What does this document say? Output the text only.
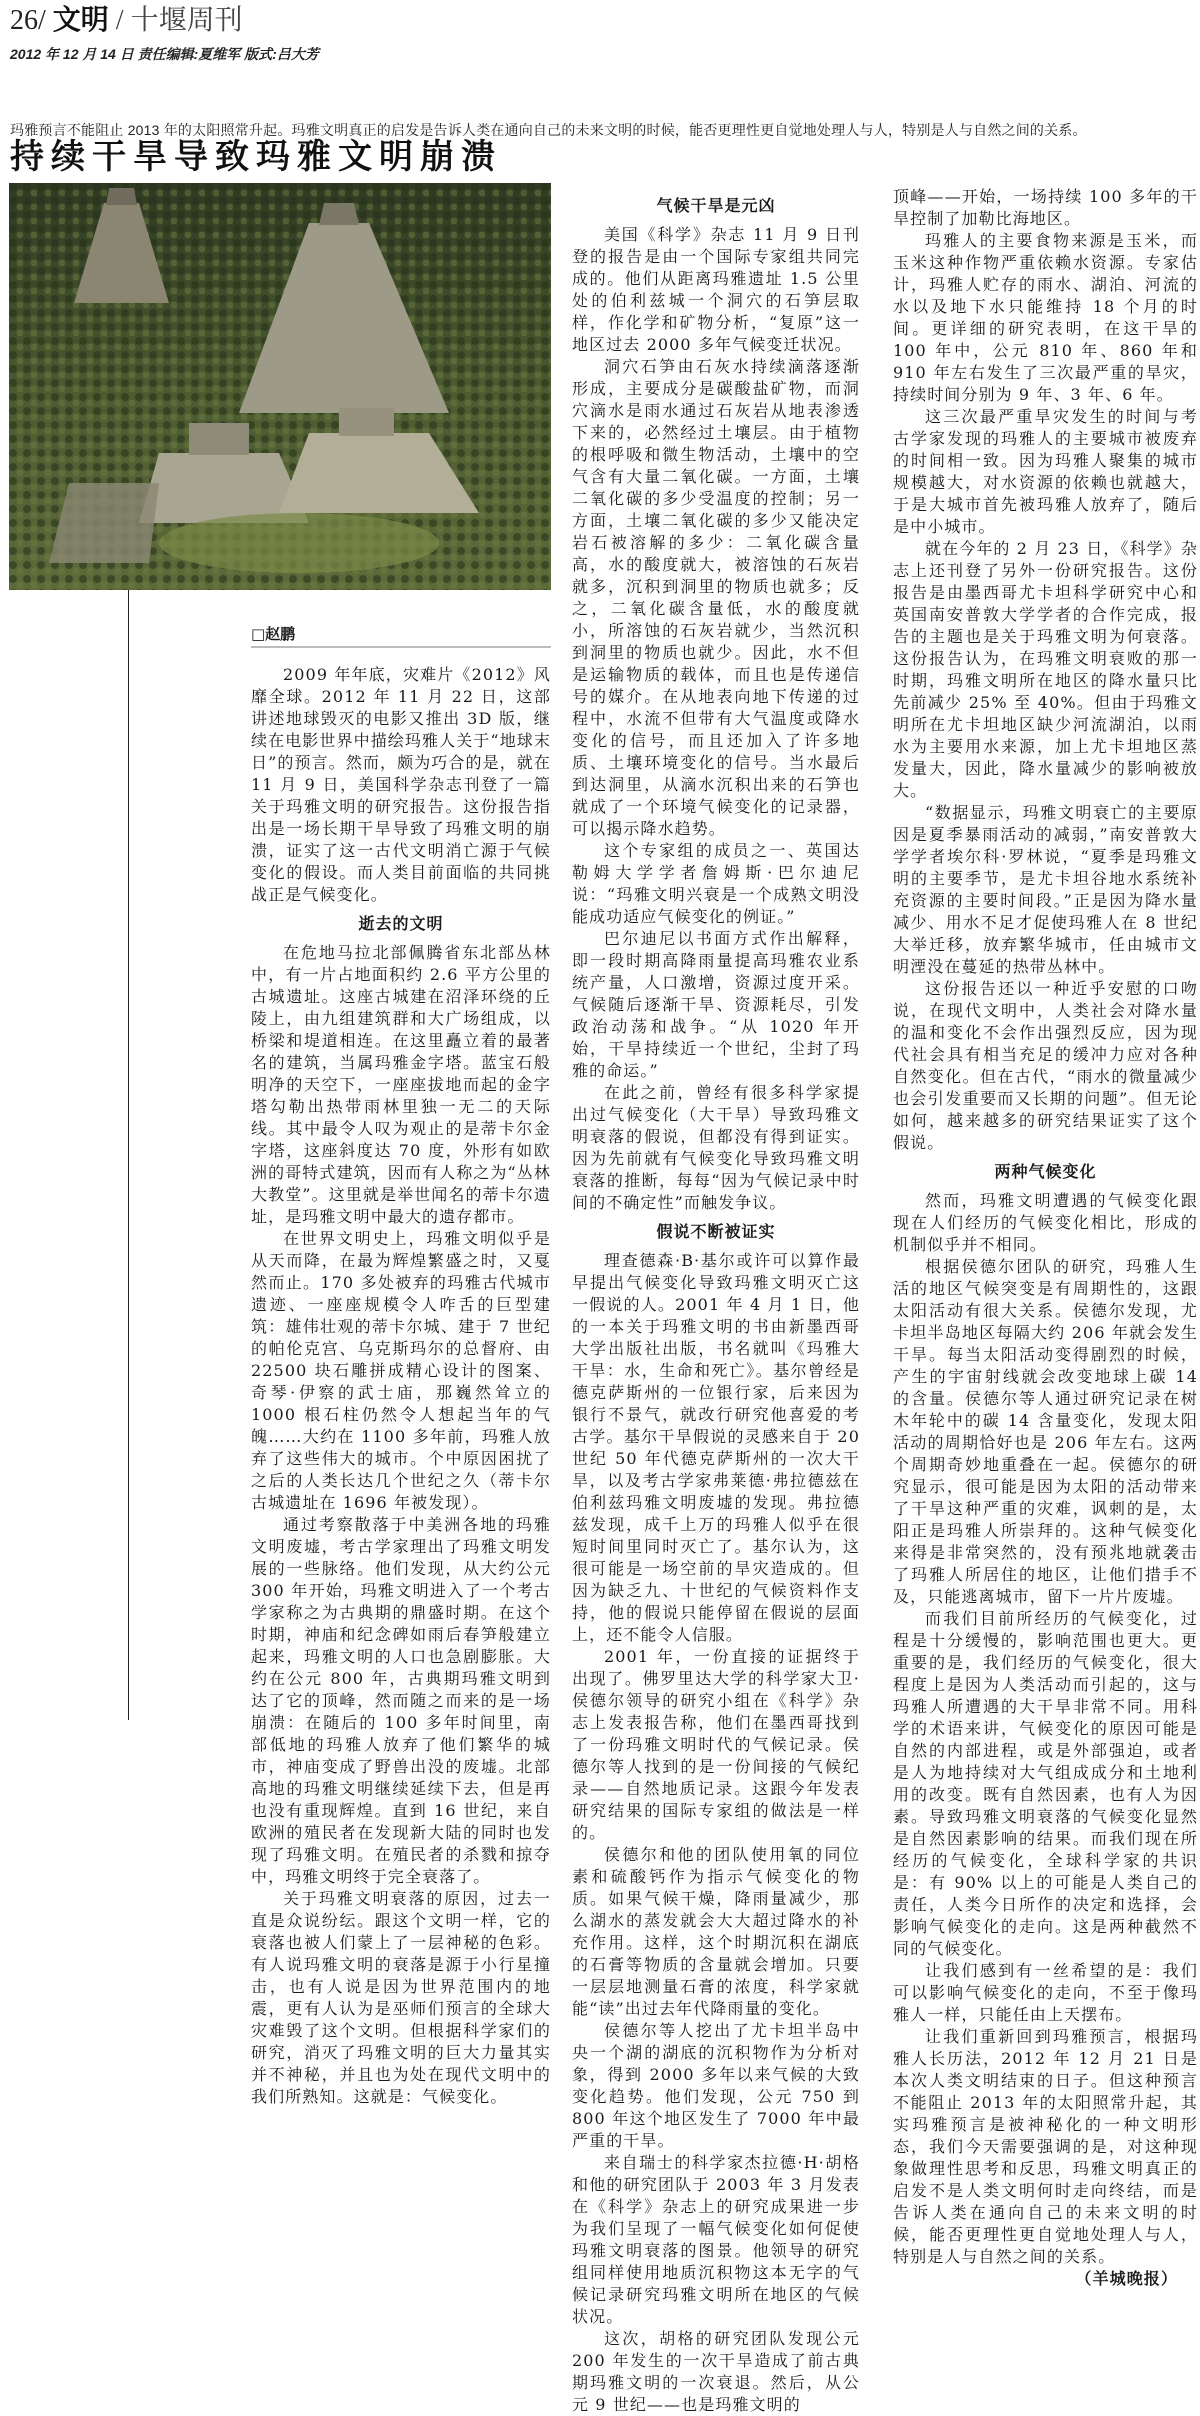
26/ 文明 / 十堰周刊
2012 年 12 月 14 日 责任编辑:夏维军 版式:吕大芳
玛雅预言不能阻止 2013 年的太阳照常升起。玛雅文明真正的启发是告诉人类在通向自己的未来文明的时候，能否更理性更自觉地处理人与人，特别是人与自然之间的关系。
持续干旱导致玛雅文明崩溃
□赵鹏

2009 年年底，灾难片《2012》风靡全球。2012 年 11 月 22 日，这部讲述地球毁灭的电影又推出 3D 版，继续在电影世界中描绘玛雅人关于“地球末日”的预言。然而，颇为巧合的是，就在 11 月 9 日，美国科学杂志刊登了一篇关于玛雅文明的研究报告。这份报告指出是一场长期干旱导致了玛雅文明的崩溃，证实了这一古代文明消亡源于气候变化的假设。而人类目前面临的共同挑战正是气候变化。

逝去的文明

在危地马拉北部佩腾省东北部丛林中，有一片占地面积约 2.6 平方公里的古城遗址。这座古城建在沼泽环绕的丘陵上，由九组建筑群和大广场组成，以桥梁和堤道相连。在这里矗立着的最著名的建筑，当属玛雅金字塔。蓝宝石般明净的天空下，一座座拔地而起的金字塔勾勒出热带雨林里独一无二的天际线。其中最令人叹为观止的是蒂卡尔金字塔，这座斜度达 70 度，外形有如欧洲的哥特式建筑，因而有人称之为“丛林大教堂”。这里就是举世闻名的蒂卡尔遗址，是玛雅文明中最大的遗存都市。

在世界文明史上，玛雅文明似乎是从天而降，在最为辉煌繁盛之时，又戛然而止。170 多处被弃的玛雅古代城市遗迹、一座座规模令人咋舌的巨型建筑：雄伟壮观的蒂卡尔城、建于 7 世纪的帕伦克宫、乌克斯玛尔的总督府、由 22500 块石雕拼成精心设计的图案、奇琴·伊察的武士庙，那巍然耸立的 1000 根石柱仍然令人想起当年的气魄……大约在 1100 多年前，玛雅人放弃了这些伟大的城市。个中原因困扰了之后的人类长达几个世纪之久（蒂卡尔古城遗址在 1696 年被发现）。

通过考察散落于中美洲各地的玛雅文明废墟，考古学家理出了玛雅文明发展的一些脉络。他们发现，从大约公元 300 年开始，玛雅文明进入了一个考古学家称之为古典期的鼎盛时期。在这个时期，神庙和纪念碑如雨后春笋般建立起来，玛雅文明的人口也急剧膨胀。大约在公元 800 年，古典期玛雅文明到达了它的顶峰，然而随之而来的是一场崩溃：在随后的 100 多年时间里，南部低地的玛雅人放弃了他们繁华的城市，神庙变成了野兽出没的废墟。北部高地的玛雅文明继续延续下去，但是再也没有重现辉煌。直到 16 世纪，来自欧洲的殖民者在发现新大陆的同时也发现了玛雅文明。在殖民者的杀戮和掠夺中，玛雅文明终于完全衰落了。

关于玛雅文明衰落的原因，过去一直是众说纷纭。跟这个文明一样，它的衰落也被人们蒙上了一层神秘的色彩。有人说玛雅文明的衰落是源于小行星撞击，也有人说是因为世界范围内的地震，更有人认为是巫师们预言的全球大灾难毁了这个文明。但根据科学家们的研究，消灭了玛雅文明的巨大力量其实并不神秘，并且也为处在现代文明中的我们所熟知。这就是：气候变化。

气候干旱是元凶

美国《科学》杂志 11 月 9 日刊登的报告是由一个国际专家组共同完成的。他们从距离玛雅遗址 1.5 公里处的伯利兹城一个洞穴的石笋层取样，作化学和矿物分析，“复原”这一地区过去 2000 多年气候变迁状况。

洞穴石笋由石灰水持续滴落逐渐形成，主要成分是碳酸盐矿物，而洞穴滴水是雨水通过石灰岩从地表渗透下来的，必然经过土壤层。由于植物的根呼吸和微生物活动，土壤中的空气含有大量二氧化碳。一方面，土壤二氧化碳的多少受温度的控制；另一方面，土壤二氧化碳的多少又能决定岩石被溶解的多少：二氧化碳含量高，水的酸度就大，被溶蚀的石灰岩就多，沉积到洞里的物质也就多；反之，二氧化碳含量低，水的酸度就小，所溶蚀的石灰岩就少，当然沉积到洞里的物质也就少。因此，水不但是运输物质的载体，而且也是传递信号的媒介。在从地表向地下传递的过程中，水流不但带有大气温度或降水变化的信号，而且还加入了许多地质、土壤环境变化的信号。当水最后到达洞里，从滴水沉积出来的石笋也就成了一个环境气候变化的记录器，可以揭示降水趋势。

这个专家组的成员之一、英国达勒姆大学学者詹姆斯·巴尔迪尼说：“玛雅文明兴衰是一个成熟文明没能成功适应气候变化的例证。”

巴尔迪尼以书面方式作出解释，即一段时期高降雨量提高玛雅农业系统产量，人口激增，资源过度开采。气候随后逐渐干旱、资源耗尽，引发政治动荡和战争。“从 1020 年开始，干旱持续近一个世纪，尘封了玛雅的命运。”

在此之前，曾经有很多科学家提出过气候变化（大干旱）导致玛雅文明衰落的假说，但都没有得到证实。因为先前就有气候变化导致玛雅文明衰落的推断，每每“因为气候记录中时间的不确定性”而触发争议。

假说不断被证实

理查德森·B·基尔或许可以算作最早提出气候变化导致玛雅文明灭亡这一假说的人。2001 年 4 月 1 日，他的一本关于玛雅文明的书由新墨西哥大学出版社出版，书名就叫《玛雅大干旱：水，生命和死亡》。基尔曾经是德克萨斯州的一位银行家，后来因为银行不景气，就改行研究他喜爱的考古学。基尔干旱假说的灵感来自于 20 世纪 50 年代德克萨斯州的一次大干旱，以及考古学家弗莱德·弗拉德兹在伯利兹玛雅文明废墟的发现。弗拉德兹发现，成千上万的玛雅人似乎在很短时间里同时灭亡了。基尔认为，这很可能是一场空前的旱灾造成的。但因为缺乏九、十世纪的气候资料作支持，他的假说只能停留在假说的层面上，还不能令人信服。

2001 年，一份直接的证据终于出现了。佛罗里达大学的科学家大卫·侯德尔领导的研究小组在《科学》杂志上发表报告称，他们在墨西哥找到了一份玛雅文明时代的气候记录。侯德尔等人找到的是一份间接的气候纪录——自然地质记录。这跟今年发表研究结果的国际专家组的做法是一样的。

侯德尔和他的团队使用氧的同位素和硫酸钙作为指示气候变化的物质。如果气候干燥，降雨量减少，那么湖水的蒸发就会大大超过降水的补充作用。这样，这个时期沉积在湖底的石膏等物质的含量就会增加。只要一层层地测量石膏的浓度，科学家就能“读”出过去年代降雨量的变化。

侯德尔等人挖出了尤卡坦半岛中央一个湖的湖底的沉积物作为分析对象，得到 2000 多年以来气候的大致变化趋势。他们发现，公元 750 到 800 年这个地区发生了 7000 年中最严重的干旱。

来自瑞士的科学家杰拉德·H·胡格和他的研究团队于 2003 年 3 月发表在《科学》杂志上的研究成果进一步为我们呈现了一幅气候变化如何促使玛雅文明衰落的图景。他领导的研究组同样使用地质沉积物这本无字的气候记录研究玛雅文明所在地区的气候状况。

这次，胡格的研究团队发现公元 200 年发生的一次干旱造成了前古典期玛雅文明的一次衰退。然后，从公元 9 世纪——也是玛雅文明的

顶峰——开始，一场持续 100 多年的干旱控制了加勒比海地区。

玛雅人的主要食物来源是玉米，而玉米这种作物严重依赖水资源。专家估计，玛雅人贮存的雨水、湖泊、河流的水以及地下水只能维持 18 个月的时间。更详细的研究表明，在这干旱的 100 年中，公元 810 年、860 年和 910 年左右发生了三次最严重的旱灾，持续时间分别为 9 年、3 年、6 年。

这三次最严重旱灾发生的时间与考古学家发现的玛雅人的主要城市被废弃的时间相一致。因为玛雅人聚集的城市规模越大，对水资源的依赖也就越大，于是大城市首先被玛雅人放弃了，随后是中小城市。

就在今年的 2 月 23 日，《科学》杂志上还刊登了另外一份研究报告。这份报告是由墨西哥尤卡坦科学研究中心和英国南安普敦大学学者的合作完成，报告的主题也是关于玛雅文明为何衰落。这份报告认为，在玛雅文明衰败的那一时期，玛雅文明所在地区的降水量只比先前减少 25% 至 40%。但由于玛雅文明所在尤卡坦地区缺少河流湖泊，以雨水为主要用水来源，加上尤卡坦地区蒸发量大，因此，降水量减少的影响被放大。

“数据显示，玛雅文明衰亡的主要原因是夏季暴雨活动的减弱，”南安普敦大学学者埃尔科·罗林说，“夏季是玛雅文明的主要季节，是尤卡坦谷地水系统补充资源的主要时间段。”正是因为降水量减少、用水不足才促使玛雅人在 8 世纪大举迁移，放弃繁华城市，任由城市文明湮没在蔓延的热带丛林中。

这份报告还以一种近乎安慰的口吻说，在现代文明中，人类社会对降水量的温和变化不会作出强烈反应，因为现代社会具有相当充足的缓冲力应对各种自然变化。但在古代，“雨水的微量减少也会引发重要而又长期的问题”。但无论如何，越来越多的研究结果证实了这个假说。

两种气候变化

然而，玛雅文明遭遇的气候变化跟现在人们经历的气候变化相比，形成的机制似乎并不相同。

根据侯德尔团队的研究，玛雅人生活的地区气候突变是有周期性的，这跟太阳活动有很大关系。侯德尔发现，尤卡坦半岛地区每隔大约 206 年就会发生干旱。每当太阳活动变得剧烈的时候，产生的宇宙射线就会改变地球上碳 14 的含量。侯德尔等人通过研究记录在树木年轮中的碳 14 含量变化，发现太阳活动的周期恰好也是 206 年左右。这两个周期奇妙地重叠在一起。侯德尔的研究显示，很可能是因为太阳的活动带来了干旱这种严重的灾难，讽刺的是，太阳正是玛雅人所崇拜的。这种气候变化来得是非常突然的，没有预兆地就袭击了玛雅人所居住的地区，让他们措手不及，只能逃离城市，留下一片片废墟。

而我们目前所经历的气候变化，过程是十分缓慢的，影响范围也更大。更重要的是，我们经历的气候变化，很大程度上是因为人类活动而引起的，这与玛雅人所遭遇的大干旱非常不同。用科学的术语来讲，气候变化的原因可能是自然的内部进程，或是外部强迫，或者是人为地持续对大气组成成分和土地利用的改变。既有自然因素，也有人为因素。导致玛雅文明衰落的气候变化显然是自然因素影响的结果。而我们现在所经历的气候变化，全球科学家的共识是：有 90% 以上的可能是人类自己的责任，人类今日所作的决定和选择，会影响气候变化的走向。这是两种截然不同的气候变化。

让我们感到有一丝希望的是：我们可以影响气候变化的走向，不至于像玛雅人一样，只能任由上天摆布。

让我们重新回到玛雅预言，根据玛雅人长历法，2012 年 12 月 21 日是本次人类文明结束的日子。但这种预言不能阻止 2013 年的太阳照常升起，其实玛雅预言是被神秘化的一种文明形态，我们今天需要强调的是，对这种现象做理性思考和反思，玛雅文明真正的启发不是人类文明何时走向终结，而是告诉人类在通向自己的未来文明的时候，能否更理性更自觉地处理人与人，特别是人与自然之间的关系。

（羊城晚报）
